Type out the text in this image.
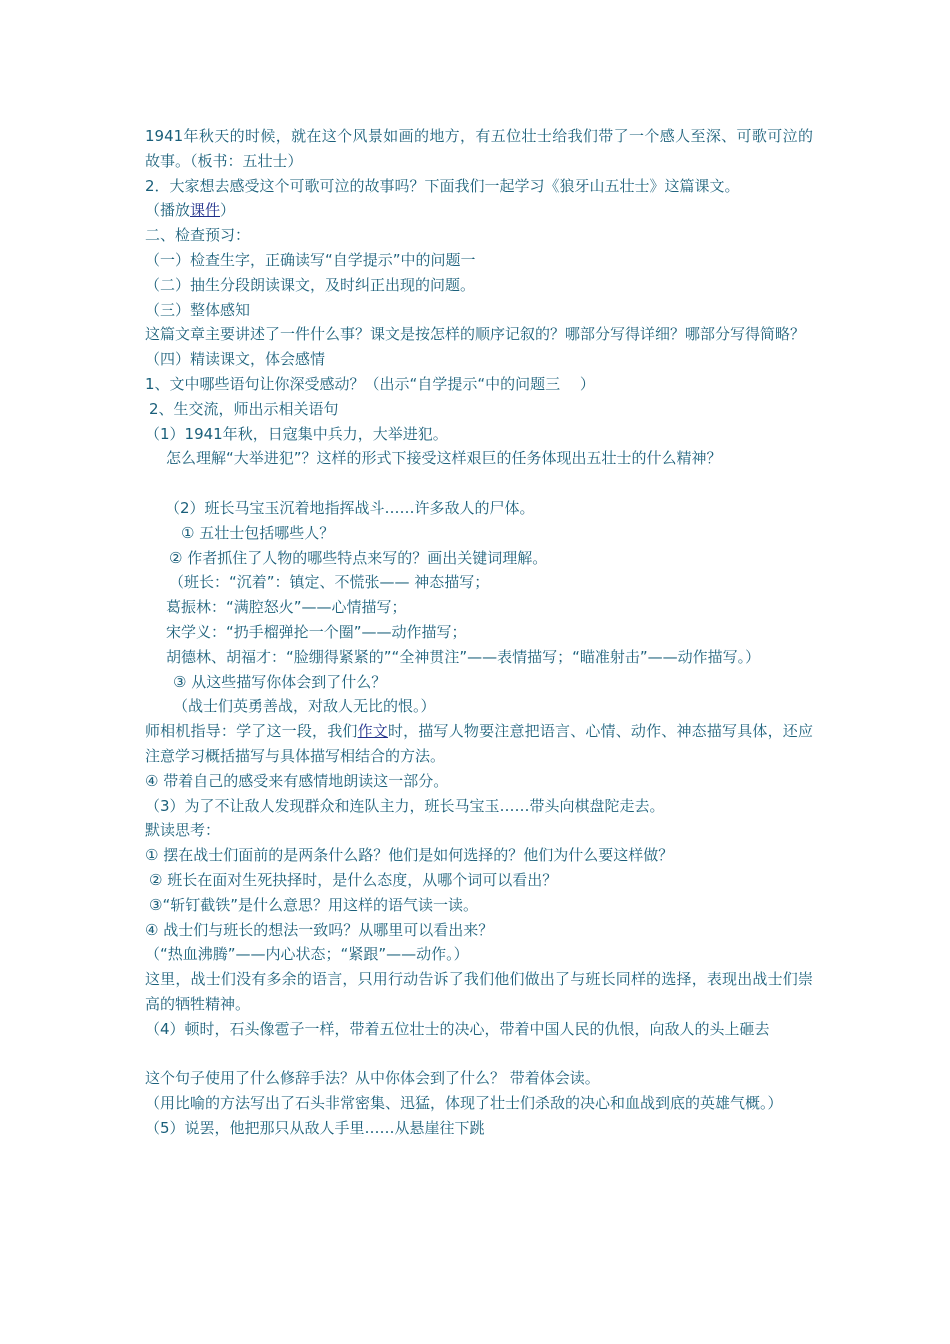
1941年秋天的时候，就在这个风景如画的地方，有五位壮士给我们带了一个感人至深、可歌可泣的故事。（板书：五壮士）
2．大家想去感受这个可歌可泣的故事吗？下面我们一起学习《狼牙山五壮士》这篇课文。
（播放课件）
二、检查预习：
（一）检查生字，正确读写“自学提示”中的问题一
（二）抽生分段朗读课文，及时纠正出现的问题。
（三）整体感知
这篇文章主要讲述了一件什么事？课文是按怎样的顺序记叙的？哪部分写得详细？哪部分写得简略？
（四）精读课文，体会感情
1、文中哪些语句让你深受感动？（出示“自学提示“中的问题三　 ）
2、生交流，师出示相关语句
（1）1941年秋，日寇集中兵力，大举进犯。
怎么理解“大举进犯”？这样的形式下接受这样艰巨的任务体现出五壮士的什么精神？
（2）班长马宝玉沉着地指挥战斗……许多敌人的尸体。
① 五壮士包括哪些人？
② 作者抓住了人物的哪些特点来写的？画出关键词理解。
（班长：“沉着”：镇定、不慌张—— 神态描写；
葛振林：“满腔怒火”——心情描写；
宋学义：“扔手榴弹抡一个圈”——动作描写；
胡德林、胡福才：“脸绷得紧紧的”“全神贯注”——表情描写；“瞄准射击”——动作描写。）
③ 从这些描写你体会到了什么？
（战士们英勇善战，对敌人无比的恨。）
师相机指导：学了这一段，我们作文时，描写人物要注意把语言、心情、动作、神态描写具体，还应注意学习概括描写与具体描写相结合的方法。
④ 带着自己的感受来有感情地朗读这一部分。
（3）为了不让敌人发现群众和连队主力，班长马宝玉……带头向棋盘陀走去。
默读思考：
① 摆在战士们面前的是两条什么路？他们是如何选择的？他们为什么要这样做？
② 班长在面对生死抉择时，是什么态度，从哪个词可以看出？
③“斩钉截铁”是什么意思？用这样的语气读一读。
④ 战士们与班长的想法一致吗？从哪里可以看出来？
（“热血沸腾”——内心状态；“紧跟”——动作。）
这里，战士们没有多余的语言，只用行动告诉了我们他们做出了与班长同样的选择，表现出战士们崇高的牺牲精神。
（4）顿时，石头像雹子一样，带着五位壮士的决心，带着中国人民的仇恨，向敌人的头上砸去
这个句子使用了什么修辞手法？从中你体会到了什么？ 带着体会读。
（用比喻的方法写出了石头非常密集、迅猛，体现了壮士们杀敌的决心和血战到底的英雄气概。）
（5）说罢，他把那只从敌人手里……从悬崖往下跳
